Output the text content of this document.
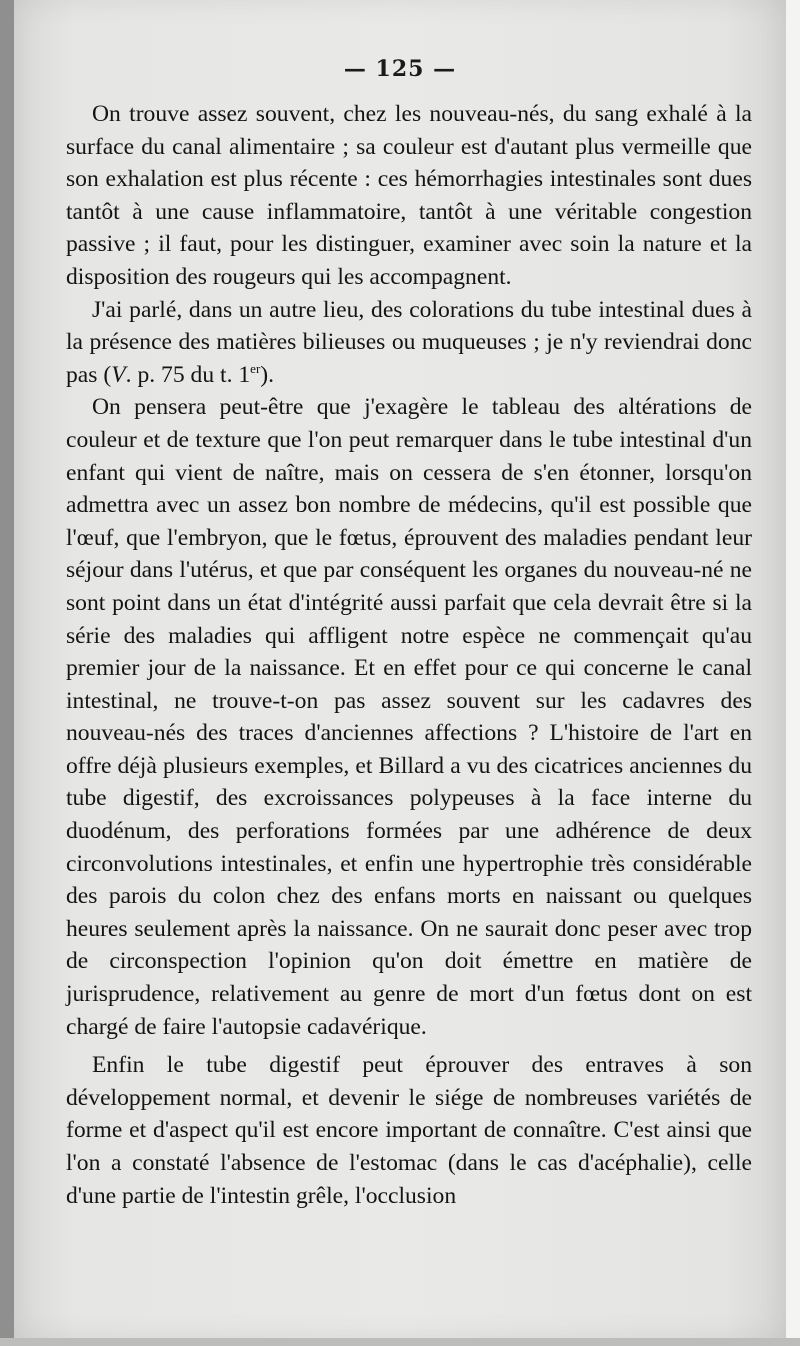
— 125 —

On trouve assez souvent, chez les nouveau-nés, du sang exhalé à la surface du canal alimentaire ; sa couleur est d'autant plus vermeille que son exhalation est plus récente : ces hémorrhagies intestinales sont dues tantôt à une cause inflammatoire, tantôt à une véritable congestion passive ; il faut, pour les distinguer, examiner avec soin la nature et la disposition des rougeurs qui les accompagnent.

J'ai parlé, dans un autre lieu, des colorations du tube intestinal dues à la présence des matières bilieuses ou muqueuses ; je n'y reviendrai donc pas (V. p. 75 du t. 1er).

On pensera peut-être que j'exagère le tableau des altérations de couleur et de texture que l'on peut remarquer dans le tube intestinal d'un enfant qui vient de naître, mais on cessera de s'en étonner, lorsqu'on admettra avec un assez bon nombre de médecins, qu'il est possible que l'œuf, que l'embryon, que le fœtus, éprouvent des maladies pendant leur séjour dans l'utérus, et que par conséquent les organes du nouveau-né ne sont point dans un état d'intégrité aussi parfait que cela devrait être si la série des maladies qui affligent notre espèce ne commençait qu'au premier jour de la naissance. Et en effet pour ce qui concerne le canal intestinal, ne trouve-t-on pas assez souvent sur les cadavres des nouveau-nés des traces d'anciennes affections ? L'histoire de l'art en offre déjà plusieurs exemples, et Billard a vu des cicatrices anciennes du tube digestif, des excroissances polypeuses à la face interne du duodénum, des perforations formées par une adhérence de deux circonvolutions intestinales, et enfin une hypertrophie très considérable des parois du colon chez des enfans morts en naissant ou quelques heures seulement après la naissance. On ne saurait donc peser avec trop de circonspection l'opinion qu'on doit émettre en matière de jurisprudence, relativement au genre de mort d'un fœtus dont on est chargé de faire l'autopsie cadavérique.

Enfin le tube digestif peut éprouver des entraves à son développement normal, et devenir le siége de nombreuses variétés de forme et d'aspect qu'il est encore important de connaître. C'est ainsi que l'on a constaté l'absence de l'estomac (dans le cas d'acéphalie), celle d'une partie de l'intestin grêle, l'occlusion
